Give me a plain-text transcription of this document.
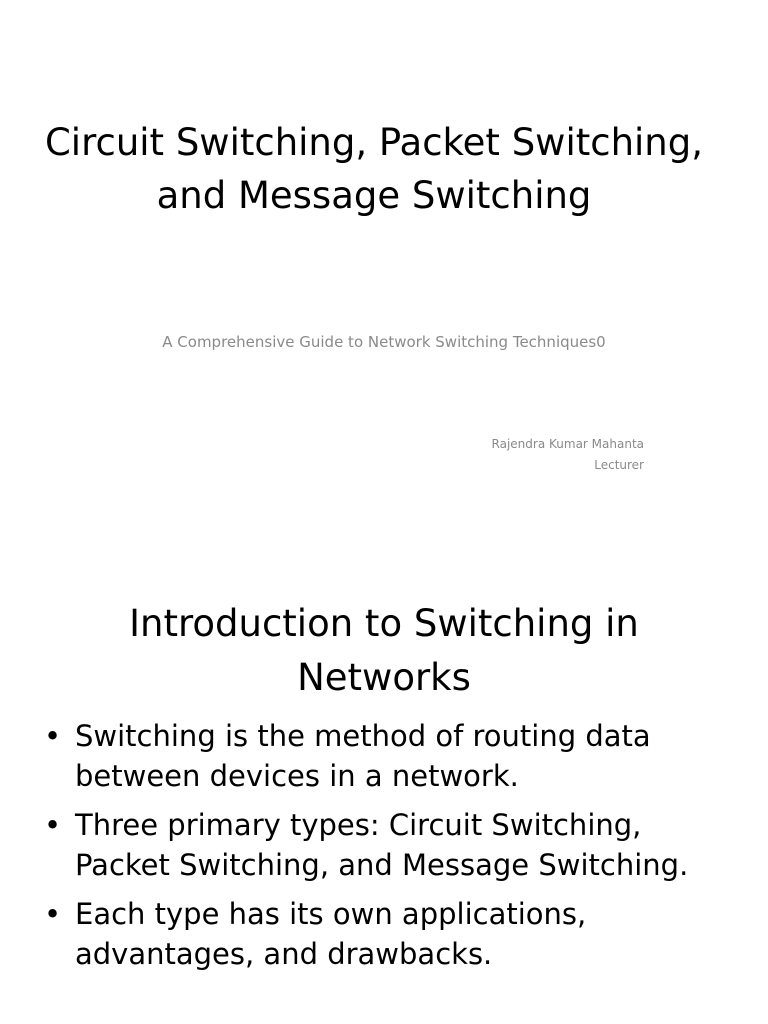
Circuit Switching, Packet Switching, and Message Switching

A Comprehensive Guide to Network Switching Techniques0

Rajendra Kumar Mahanta
Lecturer
Introduction to Switching in Networks
• Switching is the method of routing data between devices in a network.
• Three primary types: Circuit Switching, Packet Switching, and Message Switching.
• Each type has its own applications, advantages, and drawbacks.
